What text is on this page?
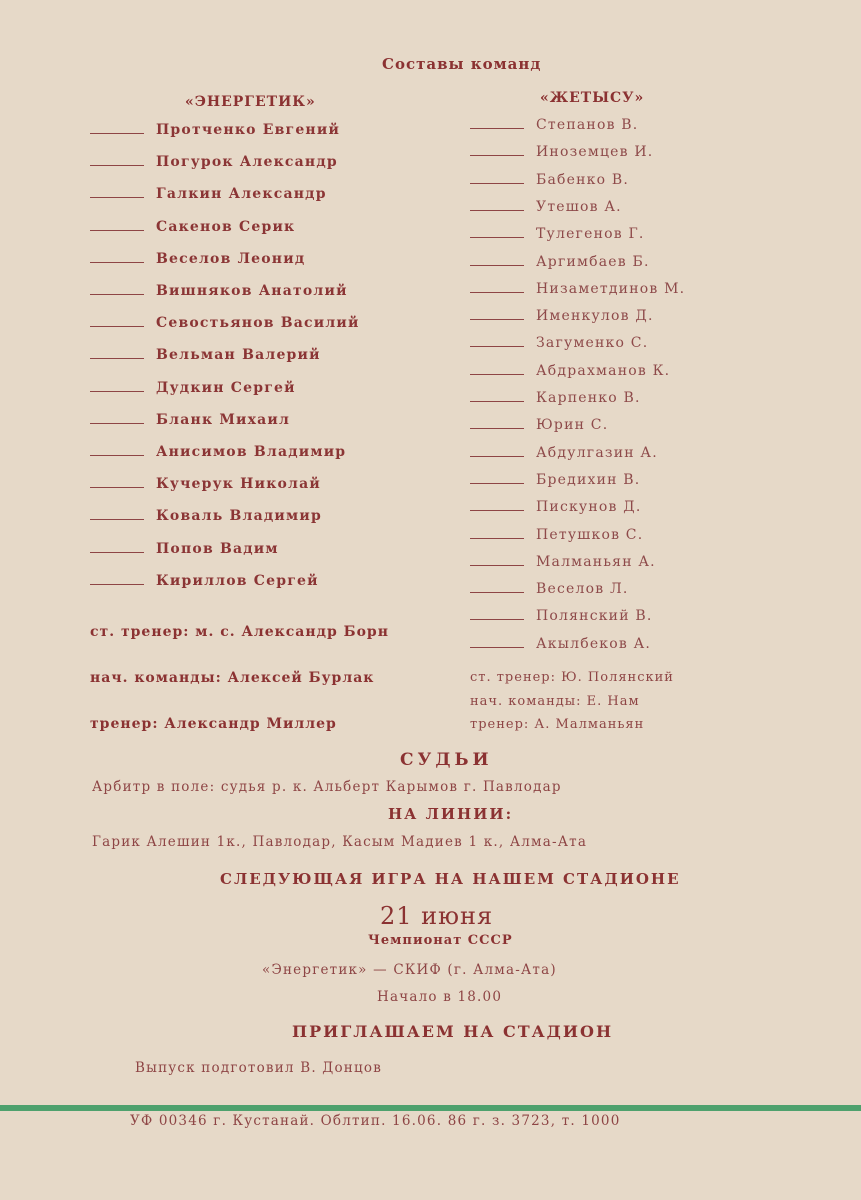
Составы команд
«ЭНЕРГЕТИК»	«ЖЕТЫСУ»
ст. тренер: м. с. Александр Борн
нач. команды: Алексей Бурлак
тренер: Александр Миллер
ст. тренер: Ю. Полянский
нач. команды: Е. Нам
тренер: А. Малманьян
СУДЬИ
Арбитр в поле: судья р. к. Альберт Карымов г. Павлодар
НА ЛИНИИ:
Гарик Алешин 1к., Павлодар, Касым Мадиев 1 к., Алма-Ата
СЛЕДУЮЩАЯ ИГРА НА НАШЕМ СТАДИОНЕ
21 июня
Чемпионат СССР
«Энергетик» — СКИФ (г. Алма-Ата)
Начало в 18.00
ПРИГЛАШАЕМ НА СТАДИОН
Выпуск подготовил В. Донцов
УФ 00346 г. Кустанай. Облтип. 16.06. 86 г. з. 3723, т. 1000
Протченко Евгений
Погурок Александр
Галкин Александр
Сакенов Серик
Веселов Леонид
Вишняков Анатолий
Севостьянов Василий
Вельман Валерий
Дудкин Сергей
Бланк Михаил
Анисимов Владимир
Кучерук Николай
Коваль Владимир
Попов Вадим
Кириллов Сергей
Степанов В.
Иноземцев И.
Бабенко В.
Утешов А.
Тулегенов Г.
Аргимбаев Б.
Низаметдинов М.
Именкулов Д.
Загуменко С.
Абдрахманов К.
Карпенко В.
Юрин С.
Абдулгазин А.
Бредихин В.
Пискунов Д.
Петушков С.
Малманьян А.
Веселов Л.
Полянский В.
Акылбеков А.
